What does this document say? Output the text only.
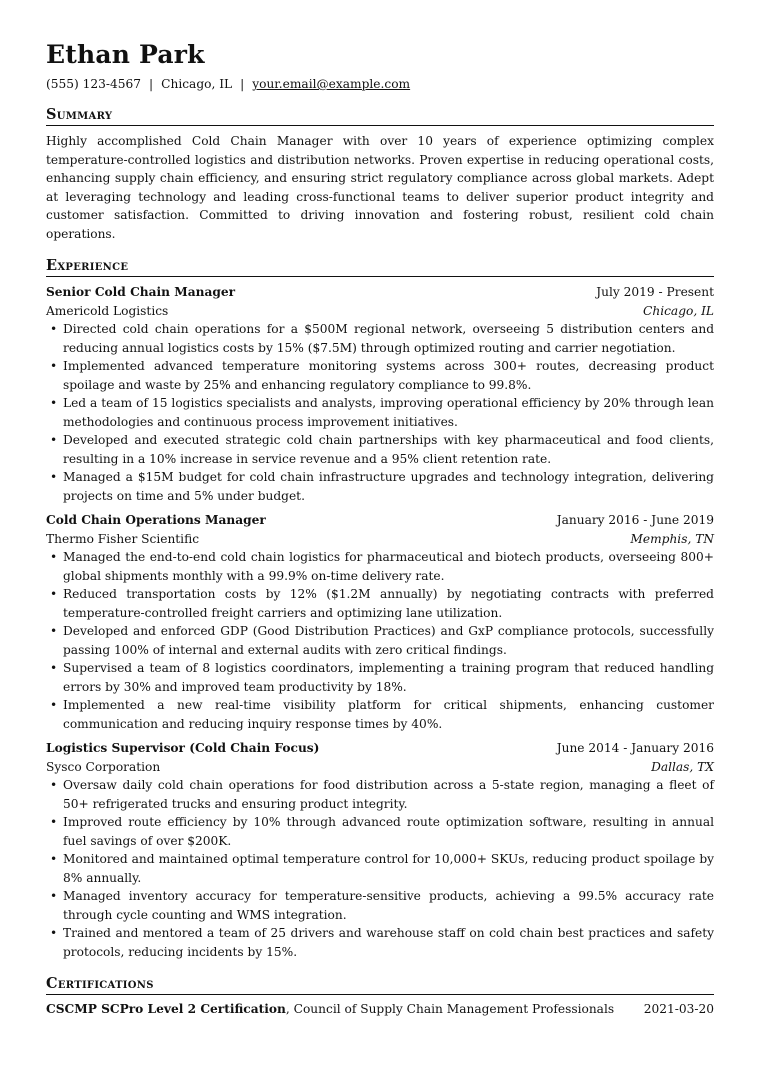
Ethan Park
(555) 123-4567 | Chicago, IL | your.email@example.com
Summary
Highly accomplished Cold Chain Manager with over 10 years of experience optimizing complex temperature-controlled logistics and distribution networks. Proven expertise in reducing operational costs, enhancing supply chain efficiency, and ensuring strict regulatory compliance across global markets. Adept at leveraging technology and leading cross-functional teams to deliver superior product integrity and customer satisfaction. Committed to driving innovation and fostering robust, resilient cold chain operations.
Experience
Senior Cold Chain Manager	July 2019 - Present
Americold Logistics	Chicago, IL
• Directed cold chain operations for a $500M regional network, overseeing 5 distribution centers and reducing annual logistics costs by 15% ($7.5M) through optimized routing and carrier negotiation.
• Implemented advanced temperature monitoring systems across 300+ routes, decreasing product spoilage and waste by 25% and enhancing regulatory compliance to 99.8%.
• Led a team of 15 logistics specialists and analysts, improving operational efficiency by 20% through lean methodologies and continuous process improvement initiatives.
• Developed and executed strategic cold chain partnerships with key pharmaceutical and food clients, resulting in a 10% increase in service revenue and a 95% client retention rate.
• Managed a $15M budget for cold chain infrastructure upgrades and technology integration, delivering projects on time and 5% under budget.
Cold Chain Operations Manager	January 2016 - June 2019
Thermo Fisher Scientific	Memphis, TN
• Managed the end-to-end cold chain logistics for pharmaceutical and biotech products, overseeing 800+ global shipments monthly with a 99.9% on-time delivery rate.
• Reduced transportation costs by 12% ($1.2M annually) by negotiating contracts with preferred temperature-controlled freight carriers and optimizing lane utilization.
• Developed and enforced GDP (Good Distribution Practices) and GxP compliance protocols, successfully passing 100% of internal and external audits with zero critical findings.
• Supervised a team of 8 logistics coordinators, implementing a training program that reduced handling errors by 30% and improved team productivity by 18%.
• Implemented a new real-time visibility platform for critical shipments, enhancing customer communication and reducing inquiry response times by 40%.
Logistics Supervisor (Cold Chain Focus)	June 2014 - January 2016
Sysco Corporation	Dallas, TX
• Oversaw daily cold chain operations for food distribution across a 5-state region, managing a fleet of 50+ refrigerated trucks and ensuring product integrity.
• Improved route efficiency by 10% through advanced route optimization software, resulting in annual fuel savings of over $200K.
• Monitored and maintained optimal temperature control for 10,000+ SKUs, reducing product spoilage by 8% annually.
• Managed inventory accuracy for temperature-sensitive products, achieving a 99.5% accuracy rate through cycle counting and WMS integration.
• Trained and mentored a team of 25 drivers and warehouse staff on cold chain best practices and safety protocols, reducing incidents by 15%.
Certifications
CSCMP SCPro Level 2 Certification, Council of Supply Chain Management Professionals 2021-03-20
